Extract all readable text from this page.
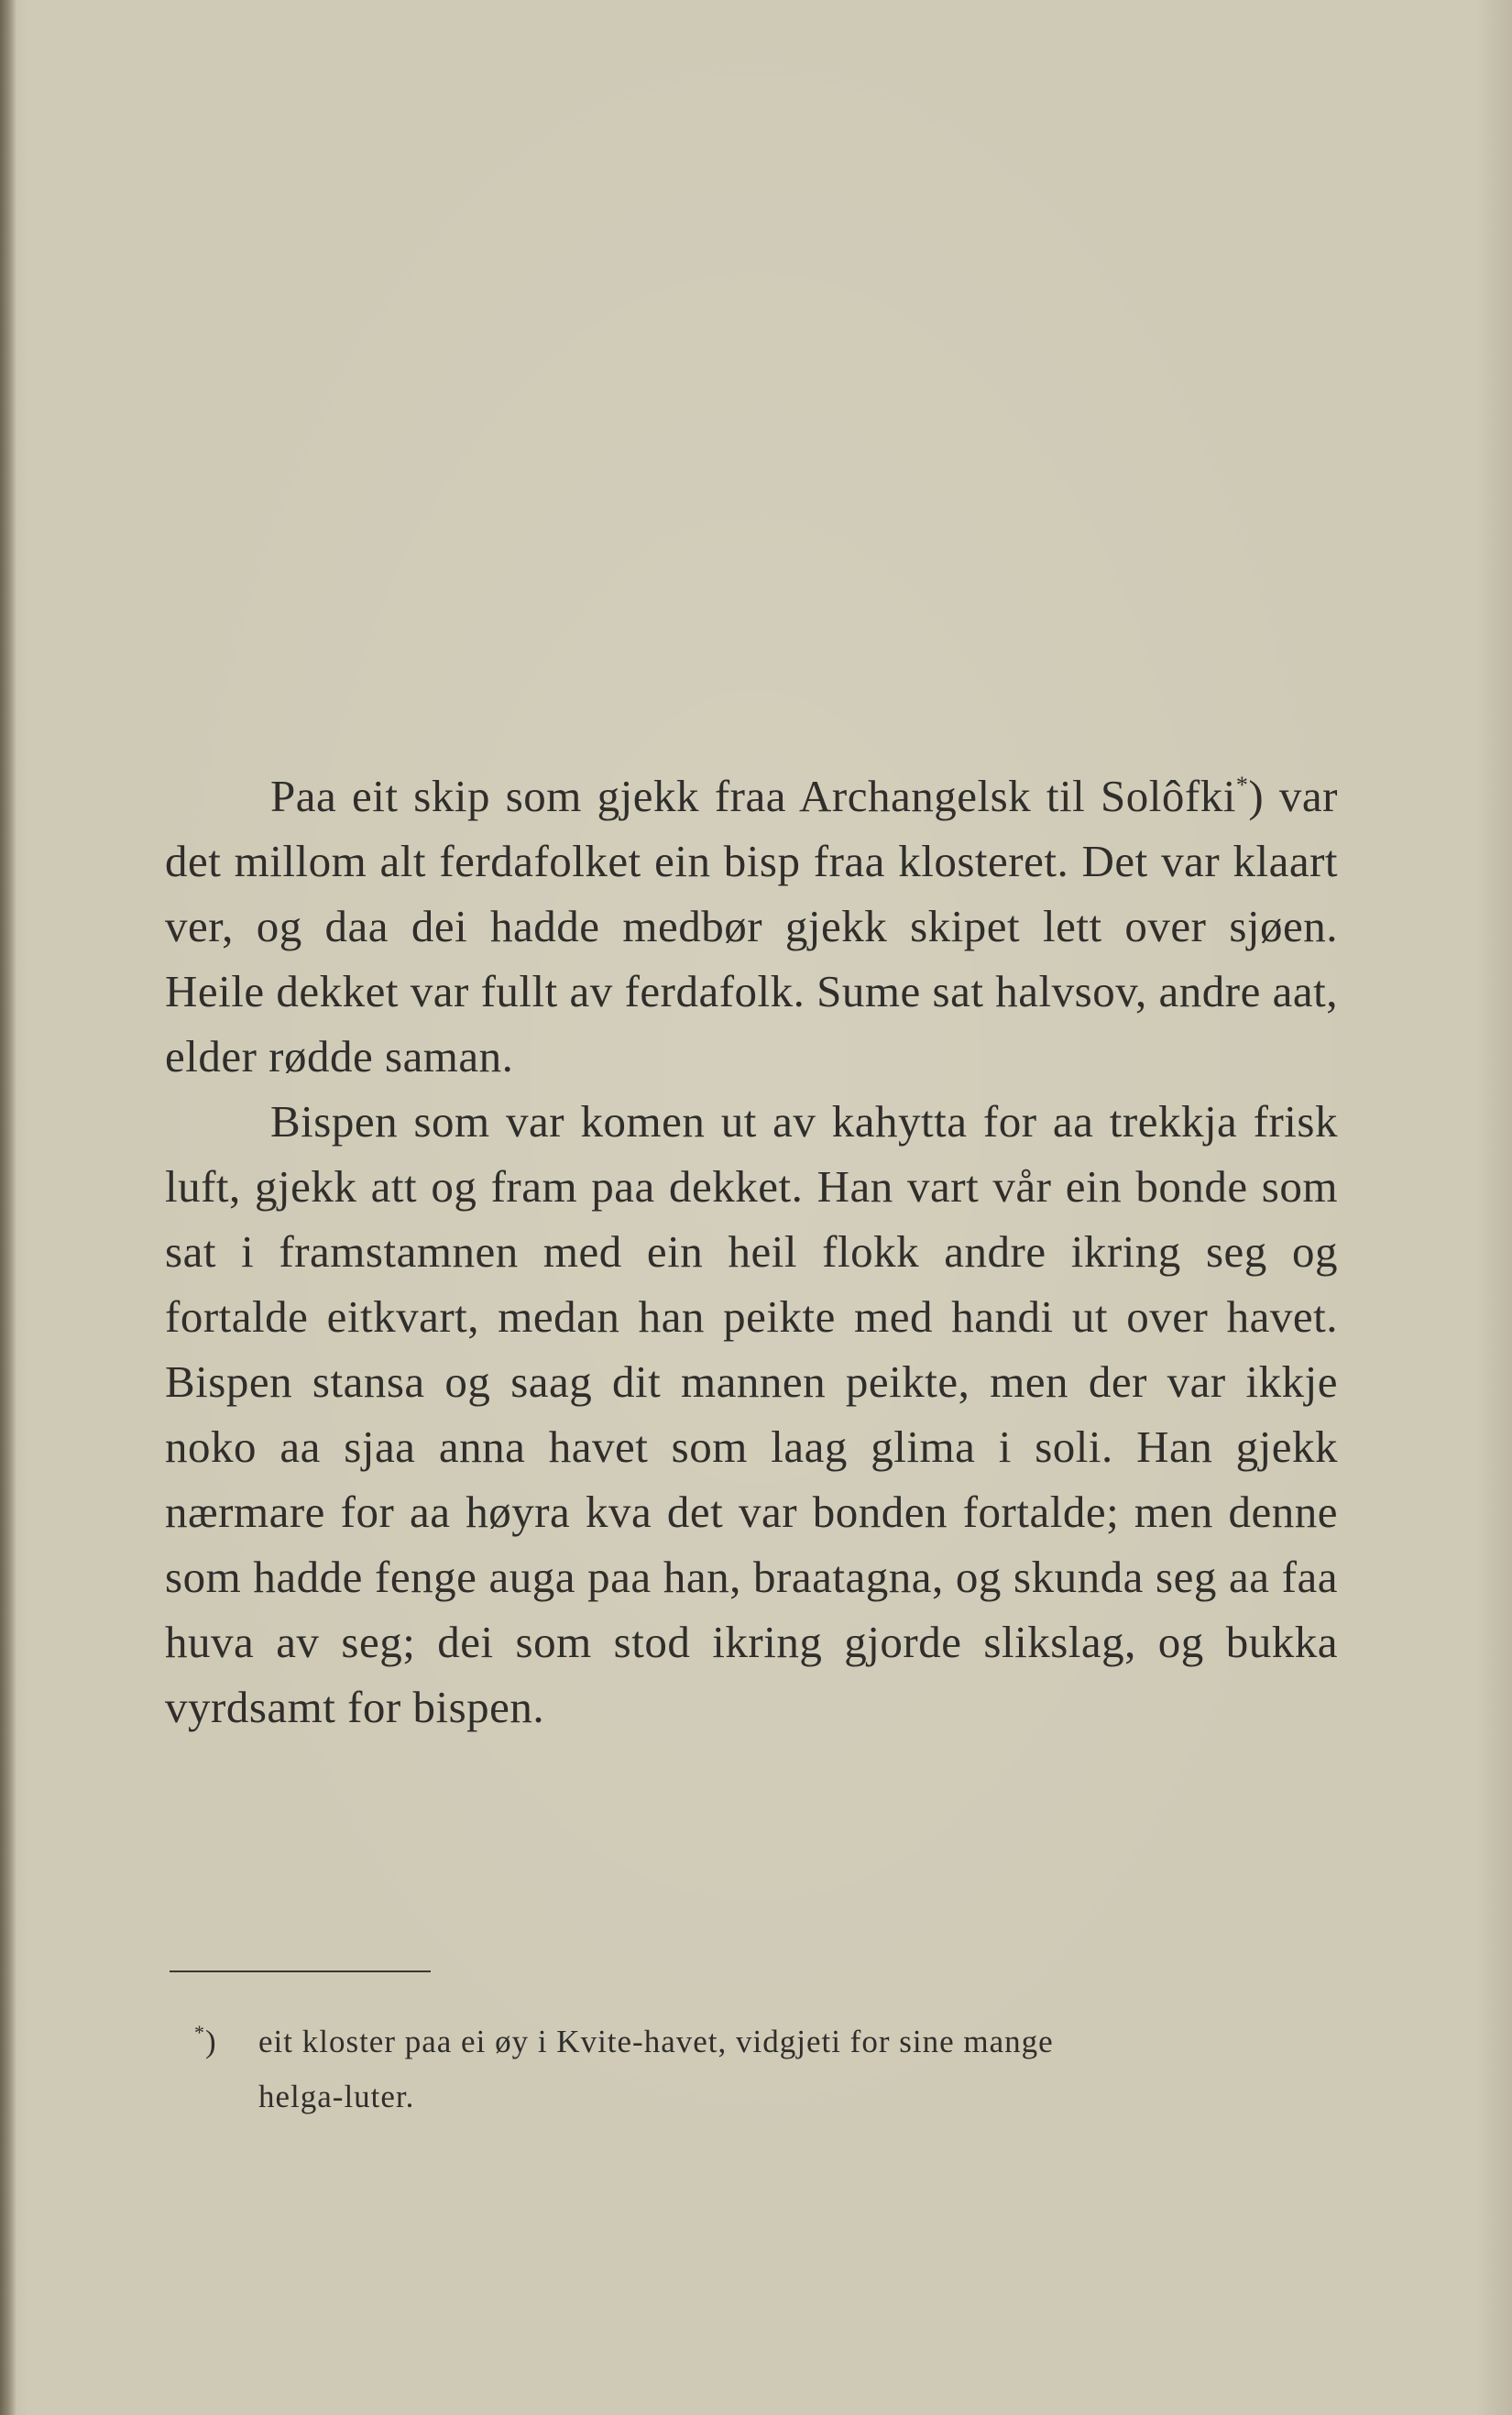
Paa eit skip som gjekk fraa Archangelsk til Solôfki*) var det millom alt ferdafolket ein bisp fraa klosteret. Det var klaart ver, og daa dei hadde medbør gjekk skipet lett over sjøen. Heile dekket var fullt av ferdafolk. Sume sat halvsov, andre aat, elder rødde saman.

Bispen som var komen ut av kahytta for aa trekkja frisk luft, gjekk att og fram paa dekket. Han vart vår ein bonde som sat i framstamnen med ein heil flokk andre ikring seg og fortalde eitkvart, medan han peikte med handi ut over havet. Bispen stansa og saag dit mannen peikte, men der var ikkje noko aa sjaa anna havet som laag glima i soli. Han gjekk nærmare for aa høyra kva det var bonden fortalde; men denne som hadde fenge auga paa han, braatagna, og skunda seg aa faa huva av seg; dei som stod ikring gjorde slikslag, og bukka vyrdsamt for bispen.

*) eit kloster paa ei øy i Kvite-havet, vidgjeti for sine mange
helga-luter.
